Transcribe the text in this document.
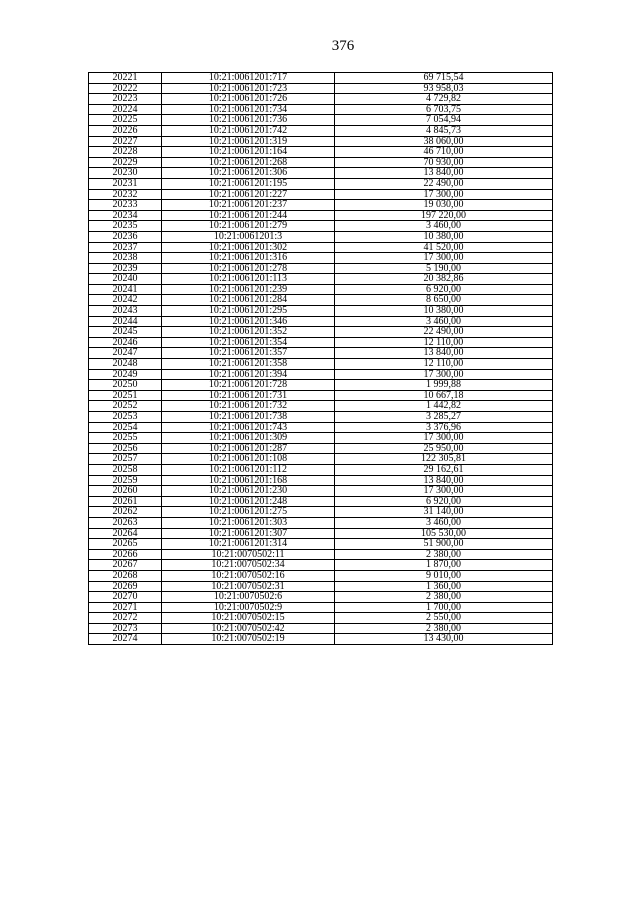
376
20221	10:21:0061201:717	69 715,54
20222	10:21:0061201:723	93 958,03
20223	10:21:0061201:726	4 729,82
20224	10:21:0061201:734	6 703,75
20225	10:21:0061201:736	7 054,94
20226	10:21:0061201:742	4 845,73
20227	10:21:0061201:319	38 060,00
20228	10:21:0061201:164	46 710,00
20229	10:21:0061201:268	70 930,00
20230	10:21:0061201:306	13 840,00
20231	10:21:0061201:195	22 490,00
20232	10:21:0061201:227	17 300,00
20233	10:21:0061201:237	19 030,00
20234	10:21:0061201:244	197 220,00
20235	10:21:0061201:279	3 460,00
20236	10:21:0061201:3	10 380,00
20237	10:21:0061201:302	41 520,00
20238	10:21:0061201:316	17 300,00
20239	10:21:0061201:278	5 190,00
20240	10:21:0061201:113	20 382,86
20241	10:21:0061201:239	6 920,00
20242	10:21:0061201:284	8 650,00
20243	10:21:0061201:295	10 380,00
20244	10:21:0061201:346	3 460,00
20245	10:21:0061201:352	22 490,00
20246	10:21:0061201:354	12 110,00
20247	10:21:0061201:357	13 840,00
20248	10:21:0061201:358	12 110,00
20249	10:21:0061201:394	17 300,00
20250	10:21:0061201:728	1 999,88
20251	10:21:0061201:731	10 667,18
20252	10:21:0061201:732	1 442,82
20253	10:21:0061201:738	3 285,27
20254	10:21:0061201:743	3 376,96
20255	10:21:0061201:309	17 300,00
20256	10:21:0061201:287	25 950,00
20257	10:21:0061201:108	122 305,81
20258	10:21:0061201:112	29 162,61
20259	10:21:0061201:168	13 840,00
20260	10:21:0061201:230	17 300,00
20261	10:21:0061201:248	6 920,00
20262	10:21:0061201:275	31 140,00
20263	10:21:0061201:303	3 460,00
20264	10:21:0061201:307	105 530,00
20265	10:21:0061201:314	51 900,00
20266	10:21:0070502:11	2 380,00
20267	10:21:0070502:34	1 870,00
20268	10:21:0070502:16	9 010,00
20269	10:21:0070502:31	1 360,00
20270	10:21:0070502:6	2 380,00
20271	10:21:0070502:9	1 700,00
20272	10:21:0070502:15	2 550,00
20273	10:21:0070502:42	2 380,00
20274	10:21:0070502:19	13 430,00
